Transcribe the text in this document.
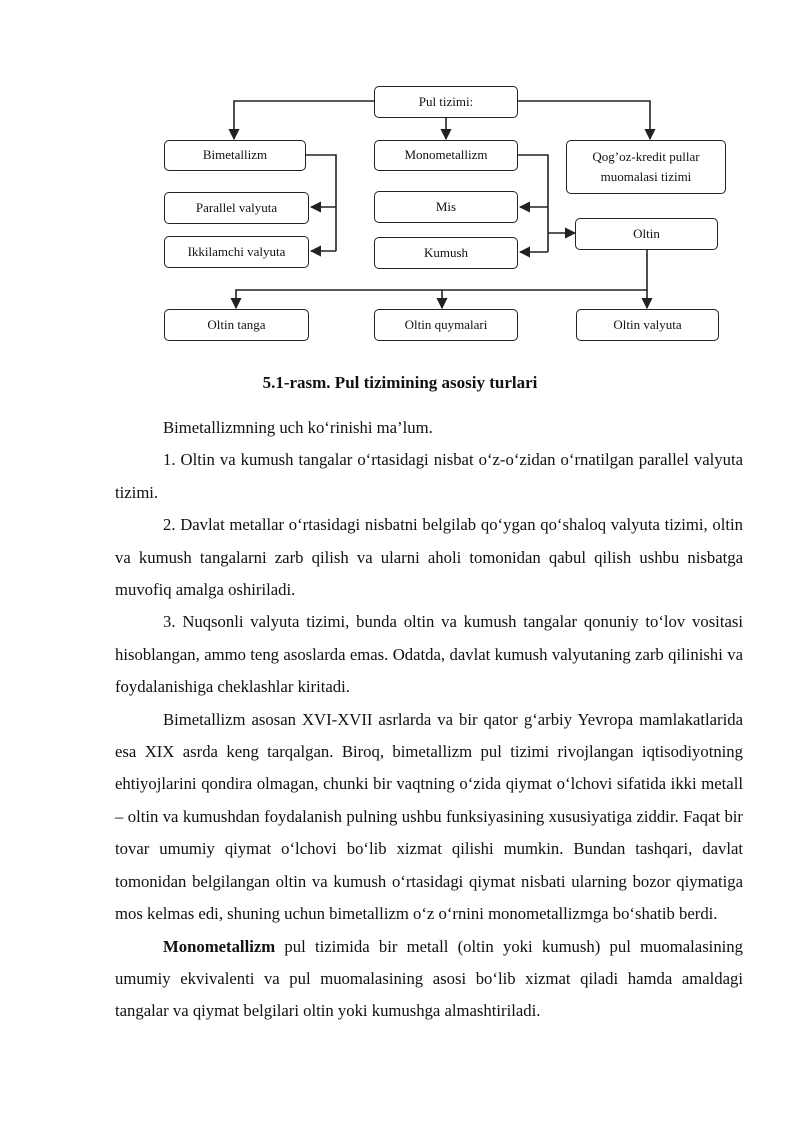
Pul tizimi:
Bimetallizm	Monometallizm	Qog’oz-kredit pullar muomalasi tizimi
Parallel valyuta
Ikkilamchi valyuta
Mis
Kumush
Oltin
Oltin tanga	Oltin quymalari	Oltin valyuta
5.1-rasm. Pul tizimining asosiy turlari

Bimetallizmning uch ko‘rinishi ma’lum.

1. Oltin va kumush tangalar o‘rtasidagi nisbat o‘z-o‘zidan o‘rnatilgan parallel valyuta tizimi.

2. Davlat metallar o‘rtasidagi nisbatni belgilab qo‘ygan qo‘shaloq valyuta tizimi, oltin va kumush tangalarni zarb qilish va ularni aholi tomonidan qabul qilish ushbu nisbatga muvofiq amalga oshiriladi.

3. Nuqsonli valyuta tizimi, bunda oltin va kumush tangalar qonuniy to‘lov vositasi hisoblangan, ammo teng asoslarda emas. Odatda, davlat kumush valyutaning zarb qilinishi va foydalanishiga cheklashlar kiritadi.

Bimetallizm asosan XVI-XVII asrlarda va bir qator g‘arbiy Yevropa mamlakatlarida esa XIX asrda keng tarqalgan. Biroq, bimetallizm pul tizimi rivojlangan iqtisodiyotning ehtiyojlarini qondira olmagan, chunki bir vaqtning o‘zida qiymat o‘lchovi sifatida ikki metall – oltin va kumushdan foydalanish pulning ushbu funksiyasining xususiyatiga ziddir. Faqat bir tovar umumiy qiymat o‘lchovi bo‘lib xizmat qilishi mumkin. Bundan tashqari, davlat tomonidan belgilangan oltin va kumush o‘rtasidagi qiymat nisbati ularning bozor qiymatiga mos kelmas edi, shuning uchun bimetallizm o‘z o‘rnini monometallizmga bo‘shatib berdi.

Monometallizm pul tizimida bir metall (oltin yoki kumush) pul muomalasining umumiy ekvivalenti va pul muomalasining asosi bo‘lib xizmat qiladi hamda amaldagi tangalar va qiymat belgilari oltin yoki kumushga almashtiriladi.
